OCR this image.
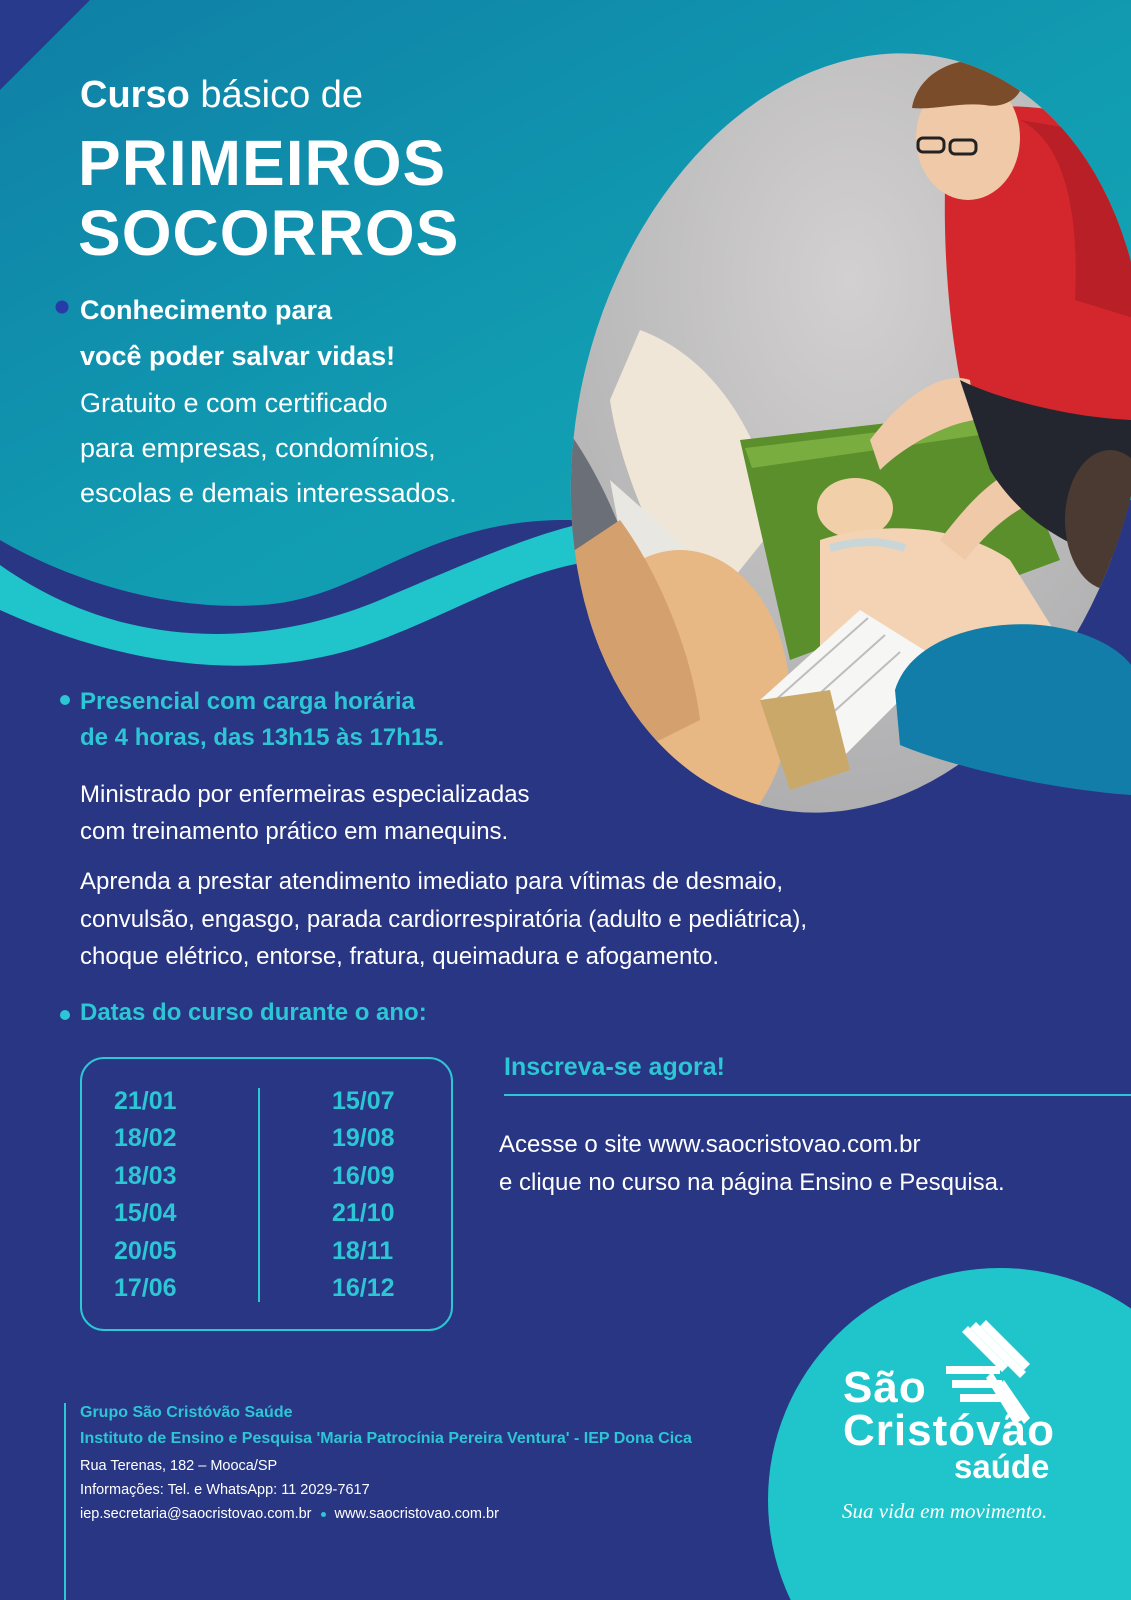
Curso básico de
PRIMEIROS
SOCORROS
Conhecimento para
você poder salvar vidas!
Gratuito e com certificado
para empresas, condomínios,
escolas e demais interessados.
Presencial com carga horária
de 4 horas, das 13h15 às 17h15.
Ministrado por enfermeiras especializadas
com treinamento prático em manequins.
Aprenda a prestar atendimento imediato para vítimas de desmaio,
convulsão, engasgo, parada cardiorrespiratória (adulto e pediátrica),
choque elétrico, entorse, fratura, queimadura e afogamento.
Datas do curso durante o ano:
21/01
18/02
18/03
15/04
20/05
17/06
15/07
19/08
16/09
21/10
18/11
16/12
Inscreva-se agora!
Acesse o site www.saocristovao.com.br
e clique no curso na página Ensino e Pesquisa.
Grupo São Cristóvão Saúde
Instituto de Ensino e Pesquisa 'Maria Patrocínia Pereira Ventura' - IEP Dona Cica
Rua Terenas, 182 – Mooca/SP
Informações: Tel. e WhatsApp: 11 2029-7617
iep.secretaria@saocristovao.com.br www.saocristovao.com.br
São
Cristóvão
saúde
Sua vida em movimento.
